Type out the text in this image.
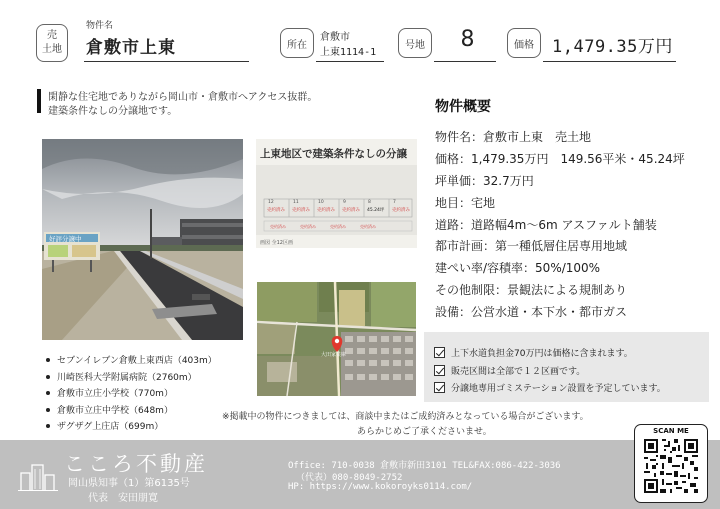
売
土地
物件名
倉敷市上東	所在
倉敷市
上東1114-1
号地	8	価格	1,479.35万円
閑静な住宅地でありながら岡山市・倉敷市へアクセス抜群。
建築条件なしの分譲地です。
好評分譲中
上東地区で建築条件なしの分譲
12	11	10	9	8	7
売約済み 売約済み 売約済み 売約済み	売約済み
45.24坪
売約済み	売約済み	売約済み	売約済み
画図 全12区画
大田家業庫
セブンイレブン倉敷上東西店（403m）
川崎医科大学附属病院（2760m）
倉敷市立庄小学校（770m）
倉敷市立庄中学校（648m）
ザグザグ上庄店（699m）
物件概要
物件名：倉敷市上東　売土地
価格：1,479.35万円　149.56平米・45.24坪
坪単価：32.7万円
地目：宅地
道路：道路幅4m～6m アスファルト舗装
都市計画：第一種低層住居専用地域
建ぺい率/容積率：50%/100%
その他制限：景観法による規制あり
設備：公営水道・本下水・都市ガス
上下水道負担金70万円は価格に含まれます。
販売区間は全部で１２区画です。
分譲地専用ゴミステーション設置を予定しています。
※掲載中の物件につきましては、商談中またはご成約済みとなっている場合がございます。
あらかじめご了承くださいませ。
こころ不動産
岡山県知事（1）第6135号
代表　安田朋寛
Office: 710-0038 倉敷市新田3101 TEL&FAX:086-422-3036
（代表）080-8049-2752
HP: https://www.kokoroyks0114.com/
SCAN ME
